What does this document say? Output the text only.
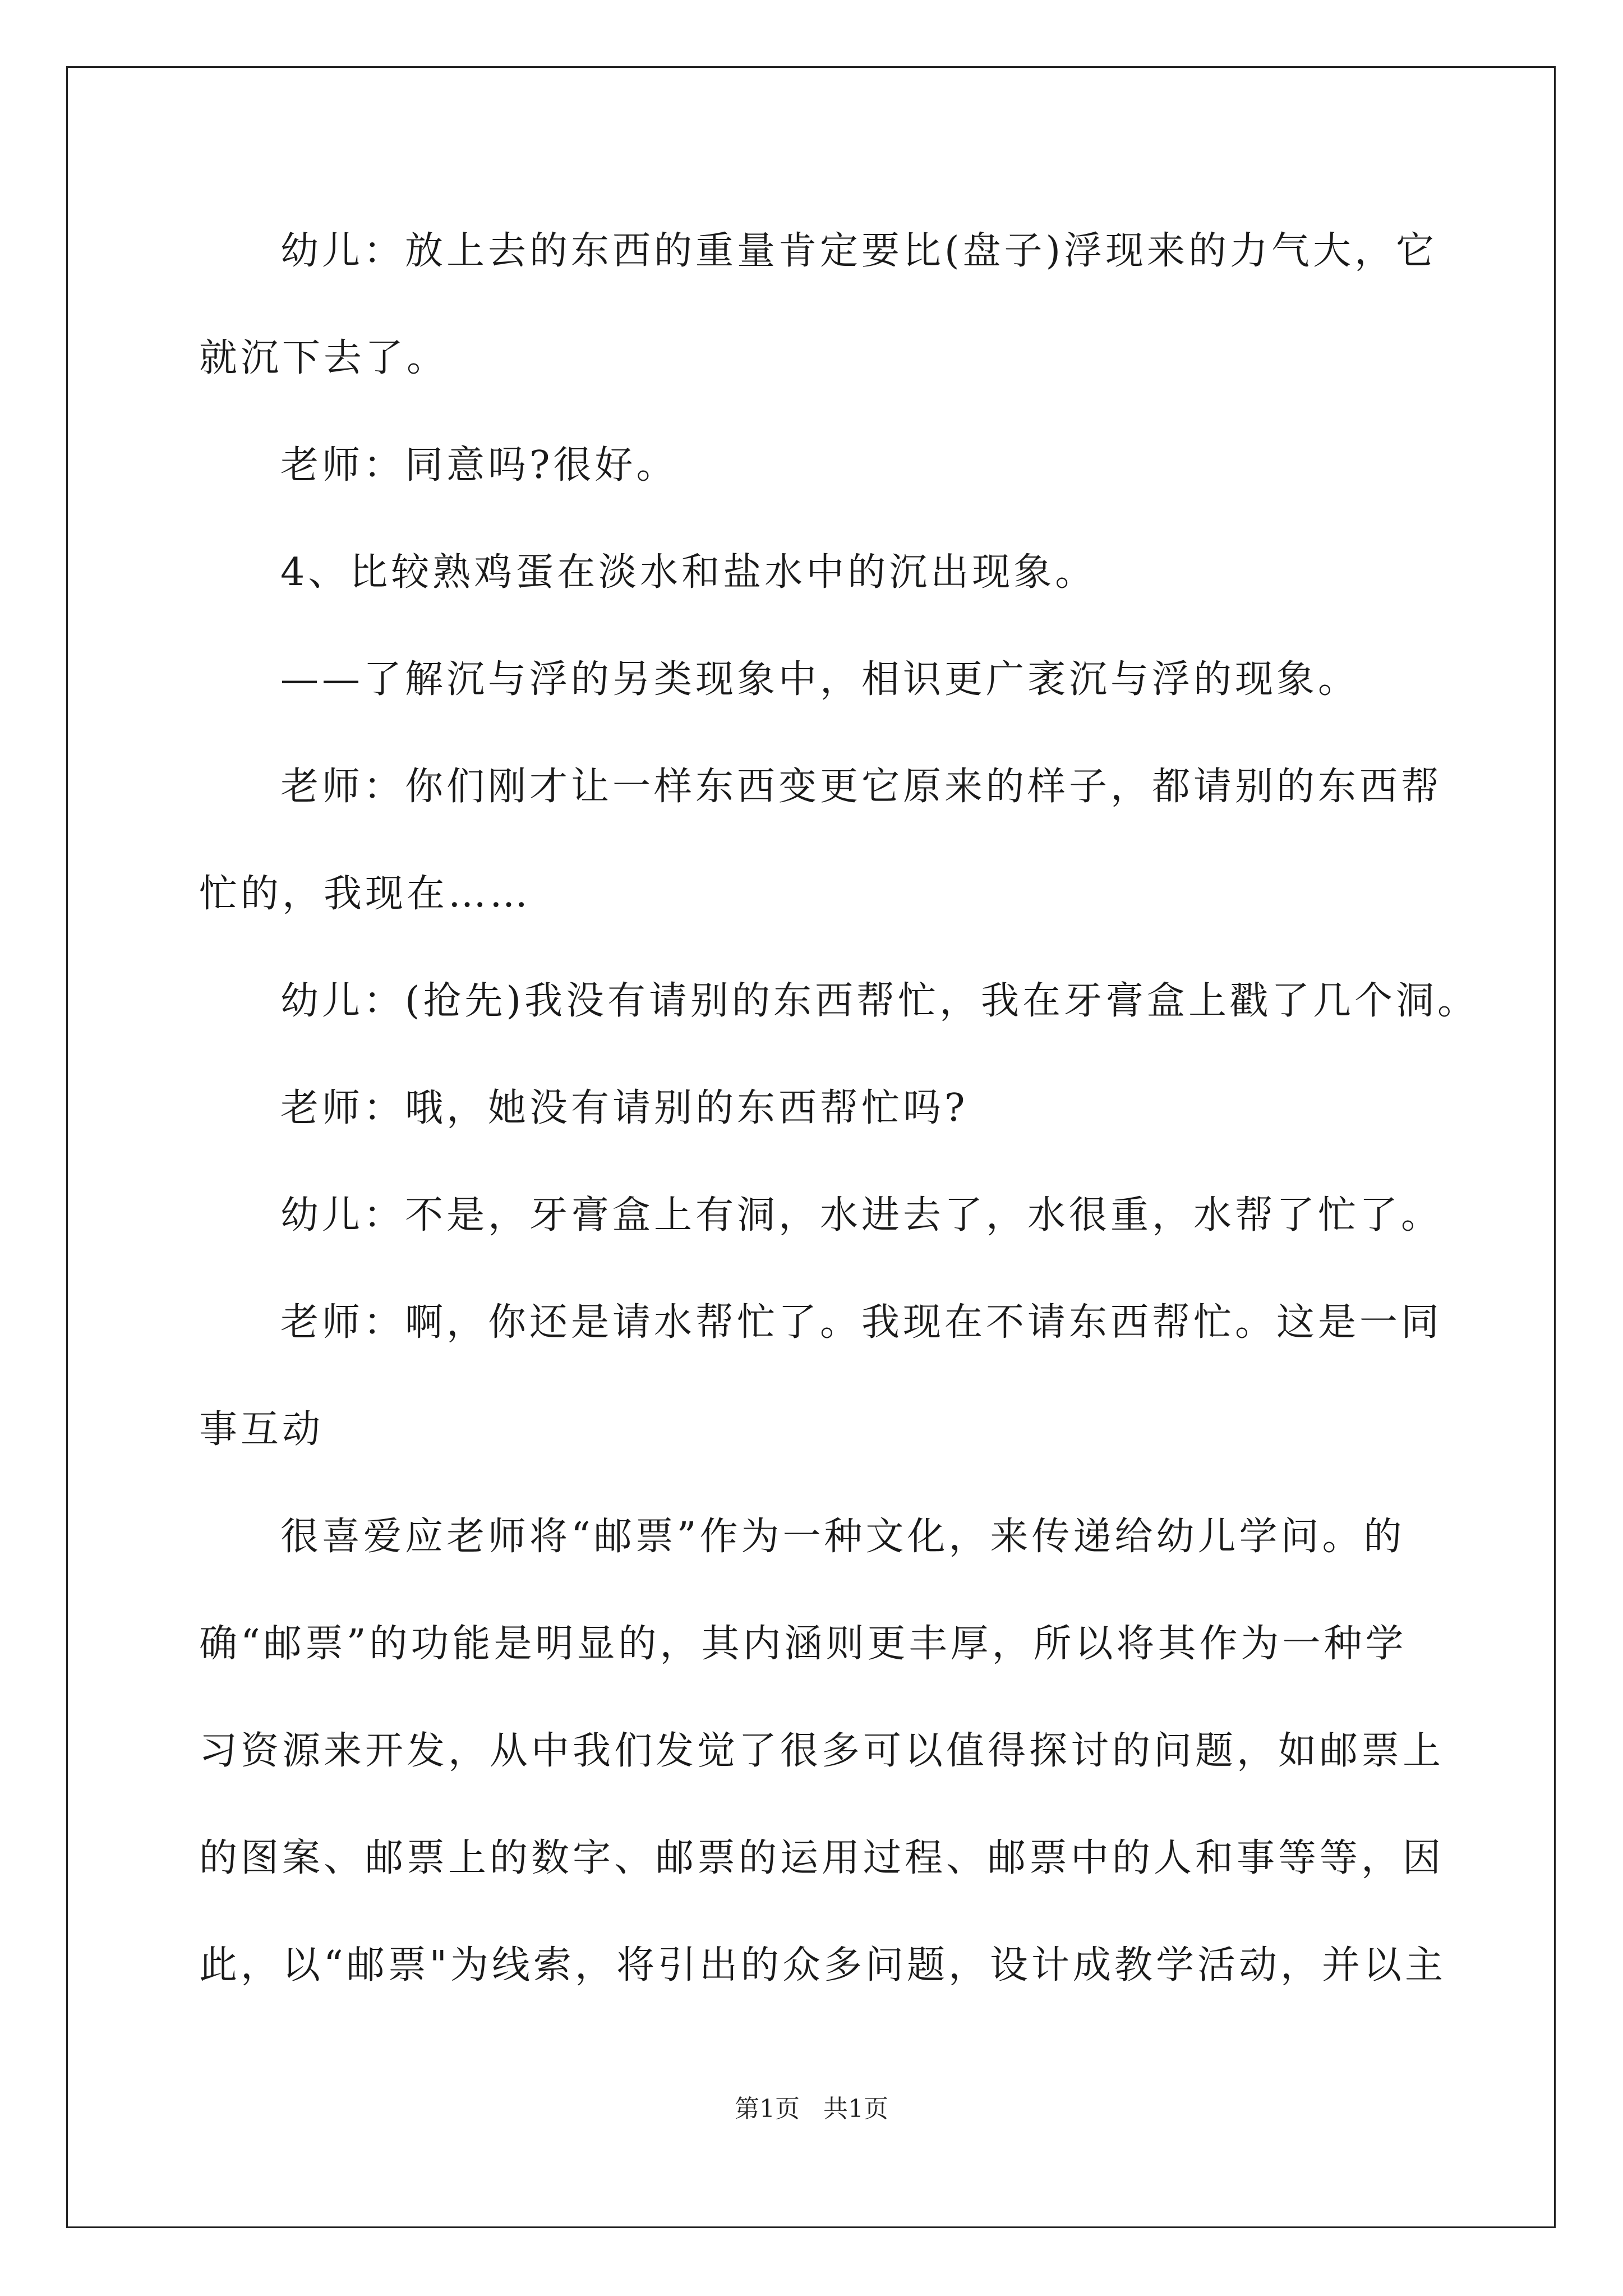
幼儿：放上去的东西的重量肯定要比(盘子)浮现来的力气大，它
就沉下去了。
老师：同意吗?很好。
4、比较熟鸡蛋在淡水和盐水中的沉出现象。
——了解沉与浮的另类现象中，相识更广袤沉与浮的现象。
老师：你们刚才让一样东西变更它原来的样子，都请别的东西帮
忙的，我现在……
幼儿：(抢先)我没有请别的东西帮忙，我在牙膏盒上戳了几个洞。
老师：哦，她没有请别的东西帮忙吗?
幼儿：不是，牙膏盒上有洞，水进去了，水很重，水帮了忙了。
老师：啊，你还是请水帮忙了。我现在不请东西帮忙。这是一同
事互动
很喜爱应老师将“邮票”作为一种文化，来传递给幼儿学问。的
确“邮票”的功能是明显的，其内涵则更丰厚，所以将其作为一种学
习资源来开发，从中我们发觉了很多可以值得探讨的问题，如邮票上
的图案、邮票上的数字、邮票的运用过程、邮票中的人和事等等，因
此，以“邮票"为线索，将引出的众多问题，设计成教学活动，并以主
第1页   共1页
